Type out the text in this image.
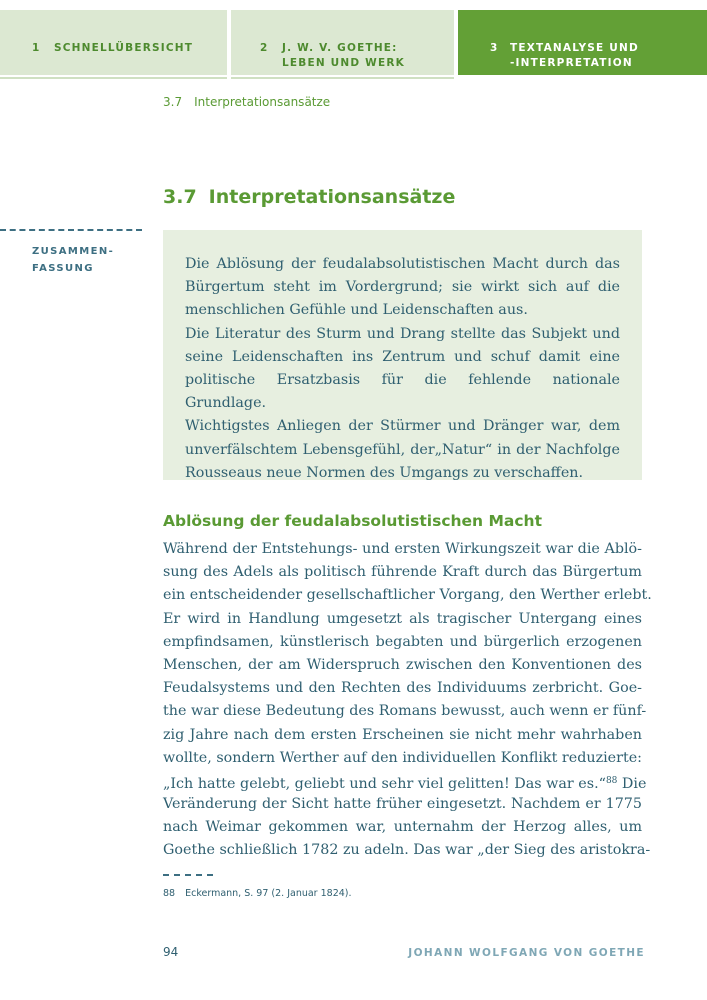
1 SCHNELLÜBERSICHT	2 J. W. V. GOETHE:
LEBEN UND WERK
3 TEXTANALYSE UND
-INTERPRETATION
3.7 Interpretationsansätze
3.7 Interpretationsansätze
ZUSAMMEN-
FASSUNG	Die Ablösung der feudalabsolutistischen Macht durch das Bürgertum steht im Vordergrund; sie wirkt sich auf die menschlichen Gefühle und Leidenschaften aus.

Die Literatur des Sturm und Drang stellte das Subjekt und seine Leidenschaften ins Zentrum und schuf damit eine politische Ersatzbasis für die fehlende nationale Grundlage.

Wichtigstes Anliegen der Stürmer und Dränger war, dem unverfälschtem Lebensgefühl, der„Natur“ in der Nachfolge Rousseaus neue Normen des Umgangs zu verschaffen.

Ablösung der feudalabsolutistischen Macht
Während der Entstehungs- und ersten Wirkungszeit war die Ablö-
sung des Adels als politisch führende Kraft durch das Bürgertum
ein entscheidender gesellschaftlicher Vorgang, den Werther erlebt.
Er wird in Handlung umgesetzt als tragischer Untergang eines
empfindsamen, künstlerisch begabten und bürgerlich erzogenen
Menschen, der am Widerspruch zwischen den Konventionen des
Feudalsystems und den Rechten des Individuums zerbricht. Goe-
the war diese Bedeutung des Romans bewusst, auch wenn er fünf-
zig Jahre nach dem ersten Erscheinen sie nicht mehr wahrhaben
wollte, sondern Werther auf den individuellen Konflikt reduzierte:
„Ich hatte gelebt, geliebt und sehr viel gelitten! Das war es.“$^{88}$ Die
Veränderung der Sicht hatte früher eingesetzt. Nachdem er 1775
nach Weimar gekommen war, unternahm der Herzog alles, um
Goethe schließlich 1782 zu adeln. Das war „der Sieg des aristokra-
88 Eckermann, S. 97 (2. Januar 1824).
94	JOHANN WOLFGANG VON GOETHE
